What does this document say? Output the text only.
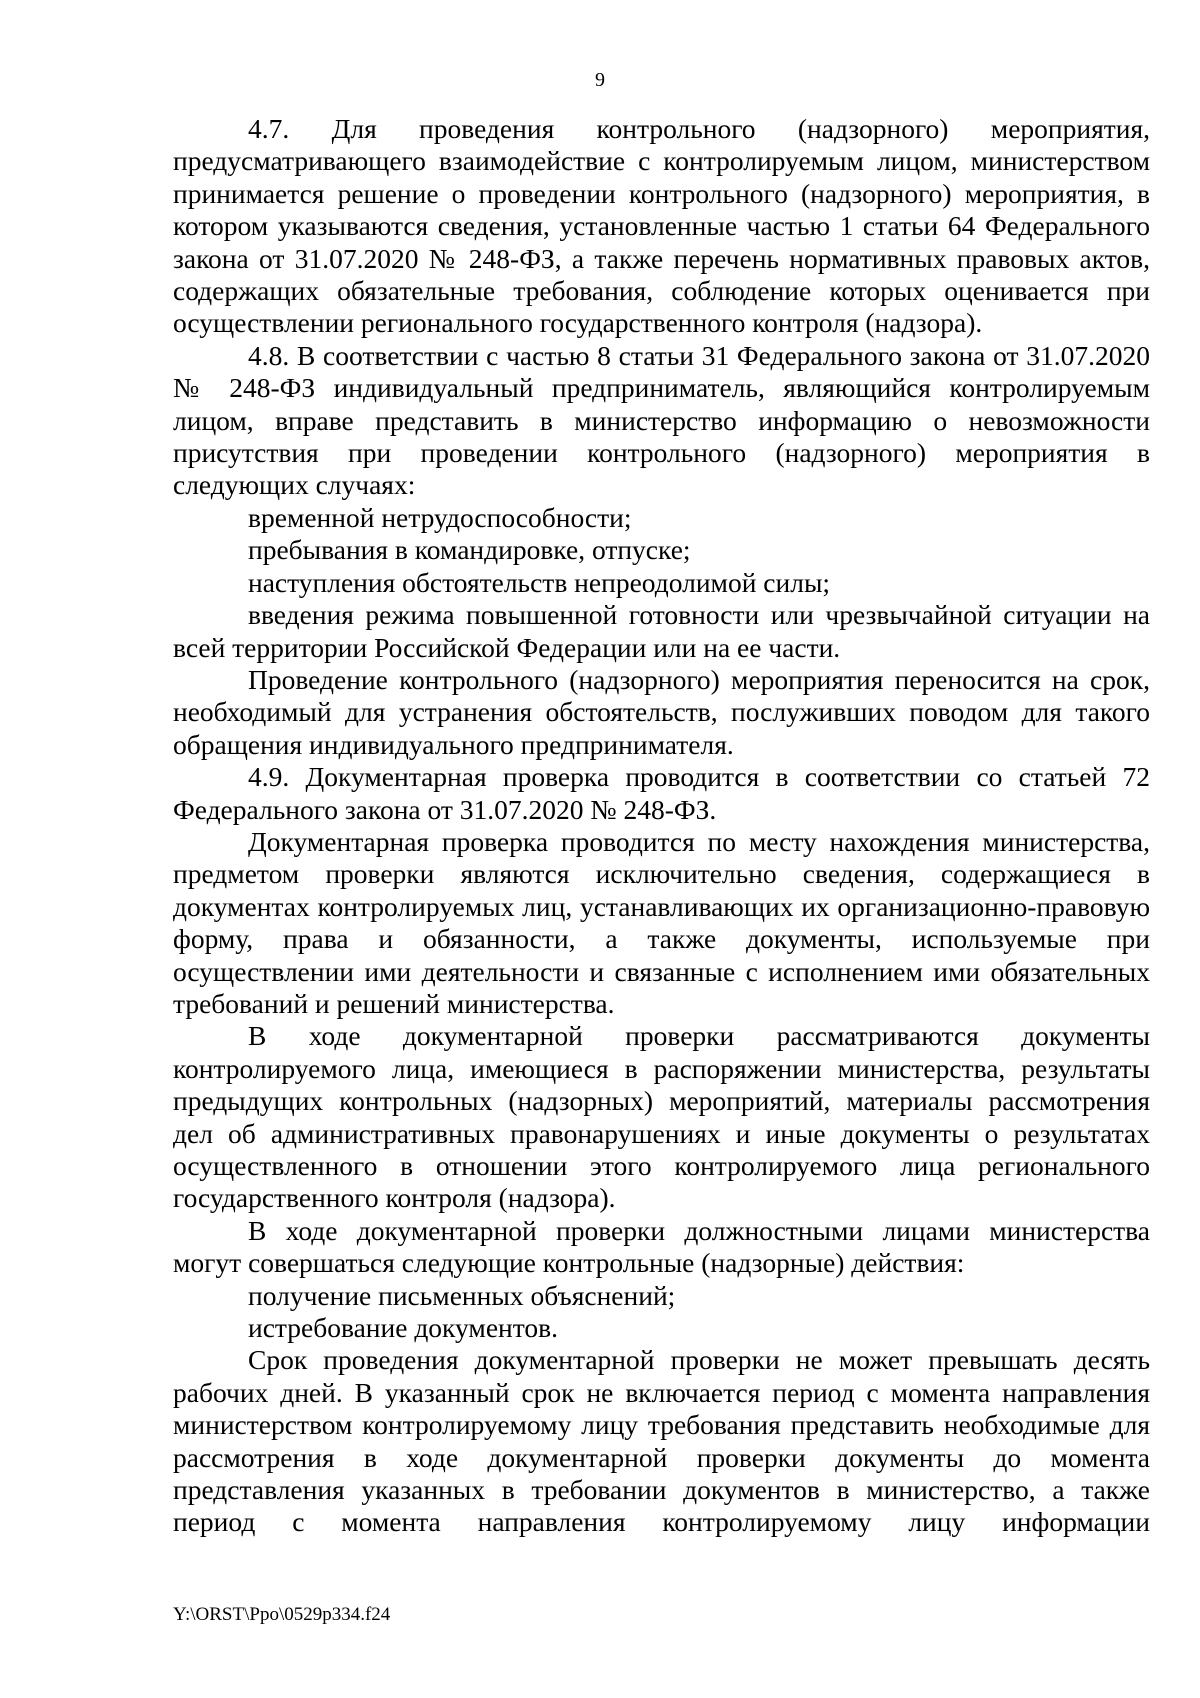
9

4.7. Для проведения контрольного (надзорного) мероприятия, предусматривающего взаимодействие с контролируемым лицом, министерством принимается решение о проведении контрольного (надзорного) мероприятия, в котором указываются сведения, установленные частью 1 статьи 64 Федерального закона от 31.07.2020 № 248-ФЗ, а также перечень нормативных правовых актов, содержащих обязательные требования, соблюдение которых оценивается при осуществлении регионального государственного контроля (надзора).

4.8. В соответствии с частью 8 статьи 31 Федерального закона от 31.07.2020 № 248-ФЗ индивидуальный предприниматель, являющийся контролируемым лицом, вправе представить в министерство информацию о невозможности присутствия при проведении контрольного (надзорного) мероприятия в следующих случаях:

временной нетрудоспособности;

пребывания в командировке, отпуске;

наступления обстоятельств непреодолимой силы;

введения режима повышенной готовности или чрезвычайной ситуации на всей территории Российской Федерации или на ее части.

Проведение контрольного (надзорного) мероприятия переносится на срок, необходимый для устранения обстоятельств, послуживших поводом для такого обращения индивидуального предпринимателя.

4.9. Документарная проверка проводится в соответствии со статьей 72 Федерального закона от 31.07.2020 № 248-ФЗ.

Документарная проверка проводится по месту нахождения министерства, предметом проверки являются исключительно сведения, содержащиеся в документах контролируемых лиц, устанавливающих их организационно-правовую форму, права и обязанности, а также документы, используемые при осуществлении ими деятельности и связанные с исполнением ими обязательных требований и решений министерства.

В ходе документарной проверки рассматриваются документы контролируемого лица, имеющиеся в распоряжении министерства, результаты предыдущих контрольных (надзорных) мероприятий, материалы рассмотрения дел об административных правонарушениях и иные документы о результатах осуществленного в отношении этого контролируемого лица регионального государственного контроля (надзора).

В ходе документарной проверки должностными лицами министерства могут совершаться следующие контрольные (надзорные) действия:

получение письменных объяснений;

истребование документов.

Срок проведения документарной проверки не может превышать десять рабочих дней. В указанный срок не включается период с момента направления министерством контролируемому лицу требования представить необходимые для рассмотрения в ходе документарной проверки документы до момента представления указанных в требовании документов в министерство, а также период с момента направления контролируемому лицу информации

Y:\ORST\Ppo\0529p334.f24
